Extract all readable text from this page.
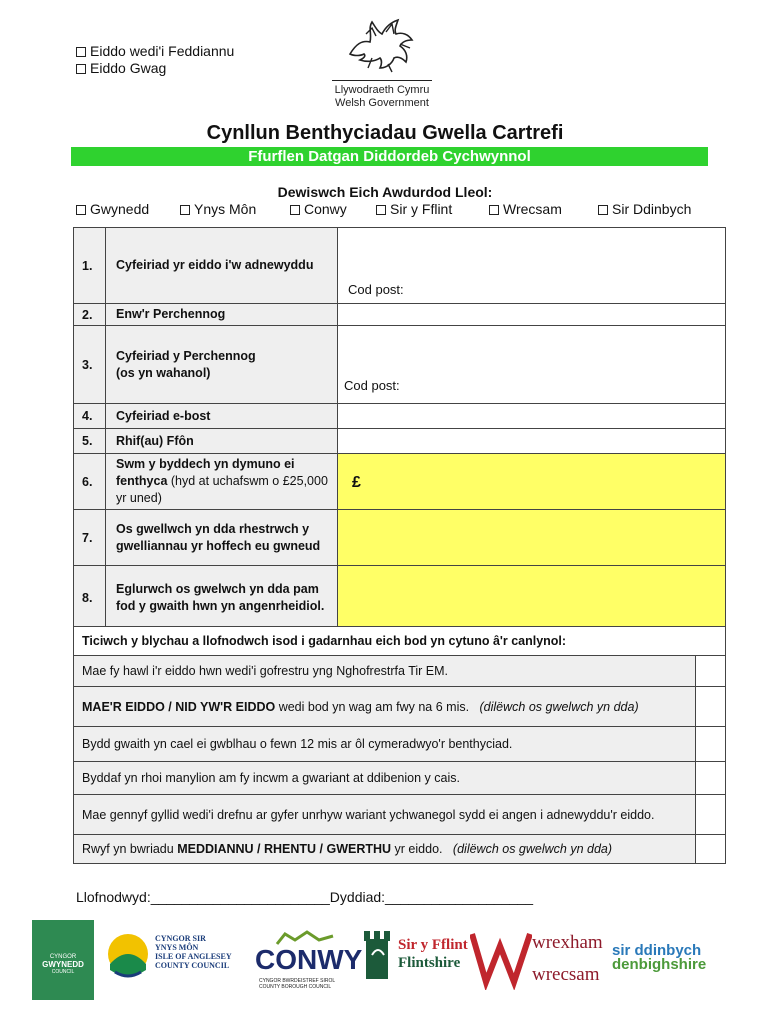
Eiddo wedi'i Feddiannu
Eiddo Gwag
Llywodraeth Cymru
Welsh Government
Cynllun Benthyciadau Gwella Cartrefi
Ffurflen Datgan Diddordeb Cychwynnol
Dewiswch Eich Awdurdod Lleol:
Gwynedd	Ynys Môn	Conwy	Sir y Fflint	Wrecsam	Sir Ddinbych
1.	Cyfeiriad yr eiddo i'w adnewyddu	Cod post:

2.	Enw'r Perchennog	
3.	Cyfeiriad y Perchennog
(os yn wahanol)	Cod post:

4.	Cyfeiriad e-bost	
5.	Rhif(au) Ffôn	
6.	Swm y byddech yn dymuno ei fenthyca (hyd at uchafswm o £25,000 yr uned)	£

7.	Os gwellwch yn dda rhestrwch y gwelliannau yr hoffech eu gwneud	
8.	Eglurwch os gwelwch yn dda pam fod y gwaith hwn yn angenrheidiol.	
Ticiwch y blychau a llofnodwch isod i gadarnhau eich bod yn cytuno â'r canlynol:	
Mae fy hawl i'r eiddo hwn wedi'i gofrestru yng Nghofrestrfa Tir EM.	
MAE'R EIDDO / NID YW'R EIDDO wedi bod yn wag am fwy na 6 mis. (dilëwch os gwelwch yn dda)	
Bydd gwaith yn cael ei gwblhau o fewn 12 mis ar ôl cymeradwyo'r benthyciad.	
Byddaf yn rhoi manylion am fy incwm a gwariant at ddibenion y cais.	
Mae gennyf gyllid wedi'i drefnu ar gyfer unrhyw wariant ychwanegol sydd ei angen i adnewyddu'r eiddo.	
Rwyf yn bwriadu MEDDIANNU / RHENTU / GWERTHU yr eiddo. (dilëwch os gwelwch yn dda)	
Llofnodwyd:_______________________Dyddiad:___________________
CYNGOR
GWYNEDD
COUNCIL
CYNGOR SIR
YNYS MÔN
ISLE OF ANGLESEY
COUNTY COUNCIL CONWY
CYNGOR BWRDEISTREF SIROL
COUNTY BOROUGH COUNCIL
Sir y Fflint
Flintshire
wrexham
wrecsam
sir ddinbych
denbighshire
